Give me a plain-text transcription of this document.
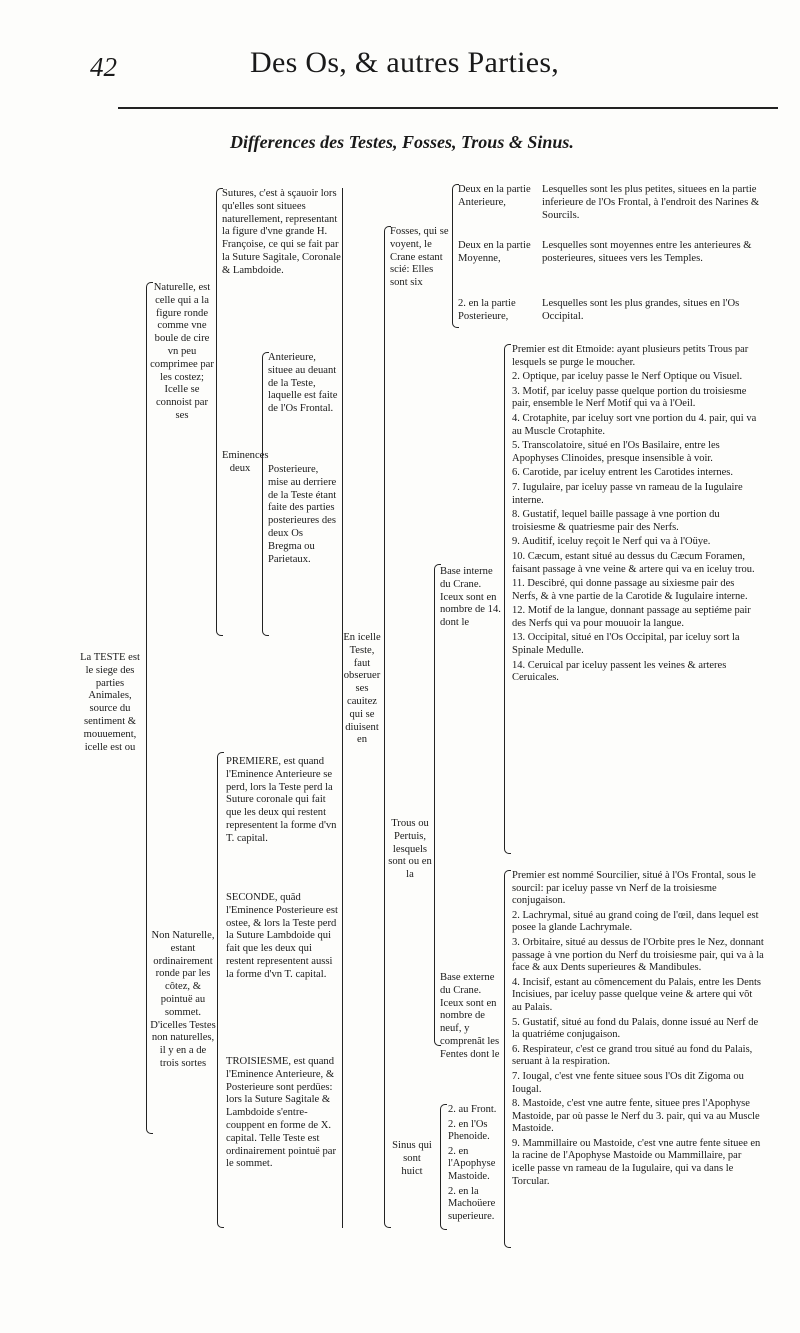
42	Des Os, & autres Parties,
Differences des Testes, Fosses, Trous & Sinus.
La TESTE est le siege des parties Animales, source du sentiment & mouuement, icelle est ou
Naturelle, est celle qui a la figure ronde comme vne boule de cire vn peu comprimee par les costez; Icelle se connoist par ses
Non Naturelle, estant ordinairement ronde par les côtez, & pointuë au sommet. D'icelles Testes non naturelles, il y en a de trois sortes
Sutures, c'est à sçauoir lors qu'elles sont situees naturellement, representant la figure d'vne grande H. Françoise, ce qui se fait par la Suture Sagitale, Coronale & Lambdoide.
Eminences deux
Anterieure, situee au deuant de la Teste, laquelle est faite de l'Os Frontal.
Posterieure, mise au derriere de la Teste étant faite des parties posterieures des deux Os Bregma ou Parietaux.
PREMIERE, est quand l'Eminence Anterieure se perd, lors la Teste perd la Suture coronale qui fait que les deux qui restent representent la forme d'vn T. capital.
SECONDE, quãd l'Eminence Posterieure est ostee, & lors la Teste perd la Suture Lambdoide qui fait que les deux qui restent representent aussi la forme d'vn T. capital.
TROISIESME, est quand l'Eminence Anterieure, & Posterieure sont perdües: lors la Suture Sagitale & Lambdoide s'entre-couppent en forme de X. capital. Telle Teste est ordinairement pointuë par le sommet.
En icelle Teste, faut obseruer ses cauitez qui se diuisent en
Fosses, qui se voyent, le Crane estant scié: Elles sont six
Deux en la partie Anterieure,
Lesquelles sont les plus petites, situees en la partie inferieure de l'Os Frontal, à l'endroit des Narines & Sourcils.
Deux en la partie Moyenne,
Lesquelles sont moyennes entre les anterieures & posterieures, situees vers les Temples.
2. en la partie Posterieure,
Lesquelles sont les plus grandes, situes en l'Os Occipital.
Trous ou Pertuis, lesquels sont ou en la
Base interne du Crane. Iceux sont en nombre de 14. dont le
Premier est dit Etmoide: ayant plusieurs petits Trous par lesquels se purge le moucher.
2. Optique, par iceluy passe le Nerf Optique ou Visuel.
3. Motif, par iceluy passe quelque portion du troisiesme pair, ensemble le Nerf Motif qui va à l'Oeil.
4. Crotaphite, par iceluy sort vne portion du 4. pair, qui va au Muscle Crotaphite.
5. Transcolatoire, situé en l'Os Basilaire, entre les Apophyses Clinoides, presque insensible à voir.
6. Carotide, par iceluy entrent les Carotides internes.
7. Iugulaire, par iceluy passe vn rameau de la Iugulaire interne.
8. Gustatif, lequel baille passage à vne portion du troisiesme & quatriesme pair des Nerfs.
9. Auditif, iceluy reçoit le Nerf qui va à l'Oüye.
10. Cæcum, estant situé au dessus du Cæcum Foramen, faisant passage à vne veine & artere qui va en iceluy trou.
11. Descibré, qui donne passage au sixiesme pair des Nerfs, & à vne partie de la Carotide & Iugulaire interne.
12. Motif de la langue, donnant passage au septiéme pair des Nerfs qui va pour mouuoir la langue.
13. Occipital, situé en l'Os Occipital, par iceluy sort la Spinale Medulle.
14. Ceruical par iceluy passent les veines & arteres Ceruicales.
Base externe du Crane. Iceux sont en nombre de neuf, y comprenãt les Fentes dont le
Premier est nommé Sourcilier, situé à l'Os Frontal, sous le sourcil: par iceluy passe vn Nerf de la troisiesme conjugaison.
2. Lachrymal, situé au grand coing de l'œil, dans lequel est posee la glande Lachrymale.
3. Orbitaire, situé au dessus de l'Orbite pres le Nez, donnant passage à vne portion du Nerf du troisiesme pair, qui va à la face & aux Dents superieures & Mandibules.
4. Incisif, estant au cõmencement du Palais, entre les Dents Incisiues, par iceluy passe quelque veine & artere qui võt au Palais.
5. Gustatif, situé au fond du Palais, donne issué au Nerf de la quatriéme conjugaison.
6. Respirateur, c'est ce grand trou situé au fond du Palais, seruant à la respiration.
7. Iougal, c'est vne fente situee sous l'Os dit Zigoma ou Iougal.
8. Mastoide, c'est vne autre fente, situee pres l'Apophyse Mastoide, par où passe le Nerf du 3. pair, qui va au Muscle Mastoide.
9. Mammillaire ou Mastoide, c'est vne autre fente situee en la racine de l'Apophyse Mastoide ou Mammillaire, par icelle passe vn rameau de la Iugulaire, qui va dans le Torcular.
Sinus qui sont huict
2. au Front.
2. en l'Os Phenoide.
2. en l'Apophyse Mastoide.
2. en la Machoüere superieure.
